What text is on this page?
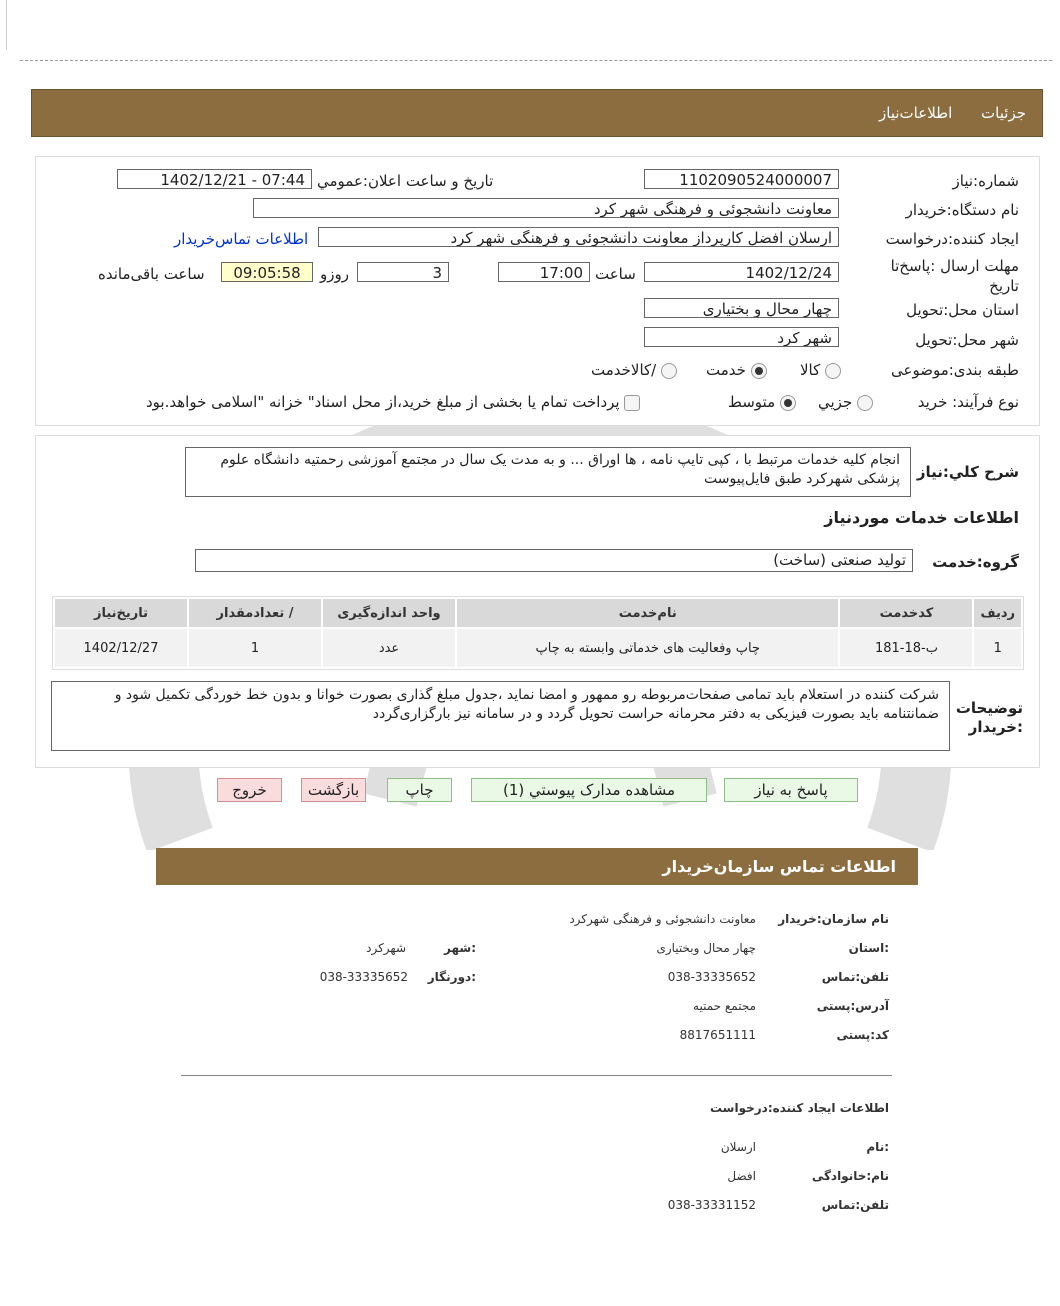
جزئیات اطلاعات‌نیاز
شماره:نیاز
1102090524000007
تاریخ و ساعت اعلان:عمومي
1402/12/21 - 07:44
نام دستگاه:خریدار
معاونت دانشجوئی و فرهنگی شهر کرد
ایجاد کننده:درخواست
ارسلان افضل کارپرداز معاونت دانشجوئی و فرهنگی شهر کرد
اطلاعات تماس‌خریدار
مهلت ارسال :پاسخ‌تا تاریخ
1402/12/24
ساعت
17:00
3
روزو
09:05:58
ساعت باقی‌مانده
استان محل:تحویل
چهار محال و بختیاری
شهر محل:تحویل
شهر کرد
طبقه بندی:موضوعی
کالا
خدمت
/کالاخدمت
نوع فرآیند: خرید
جزيي
متوسط
پرداخت تمام یا بخشی از مبلغ خرید،از محل اسناد" خزانه "اسلامی خواهد.بود
شرح کلي:نیاز
انجام کلیه خدمات مرتبط با ، کپی تایپ نامه ، ها اوراق ... و به مدت یک سال در مجتمع آموزشی رحمتیه دانشگاه علوم پزشکی شهرکرد طبق فایل‌پیوست
اطلاعات خدمات موردنیاز
گروه:خدمت
تولید صنعتی (ساخت)
ردیف	کدخدمت	نام‌خدمت	واحد اندازه‌گیری	/ تعدادمقدار	تاریخ‌نیاز
1	ب-18-181	چاپ وفعالیت های خدماتی وابسته به چاپ	عدد	1	1402/12/27
توضیحات :خریدار
شرکت کننده در استعلام باید تمامی صفحات‌مربوطه رو ممهور و امضا نماید ،جدول مبلغ گذاری بصورت خوانا و بدون خط خوردگی تکمیل شود و ضمانتنامه باید بصورت فیزیکی به دفتر محرمانه حراست تحویل گردد و در سامانه نیز بارگزاری‌گردد
پاسخ به نیاز
مشاهده مدارک پیوستي (1)
چاپ
بازگشت
خروج
اطلاعات تماس سازمان‌خریدار
نام سازمان:خریدار
معاونت دانشجوئی و فرهنگی شهرکرد
:استان
چهار محال وبختیاری
:شهر
شهرکرد
تلفن:تماس
038-33335652
:دورنگار
038-33335652
آدرس:پستی
مجتمع حمتیه
کد:پستی
8817651111
اطلاعات ایجاد کننده:درخواست
:نام
ارسلان
نام:خانوادگی
افضل
تلفن:تماس
038-33331152
